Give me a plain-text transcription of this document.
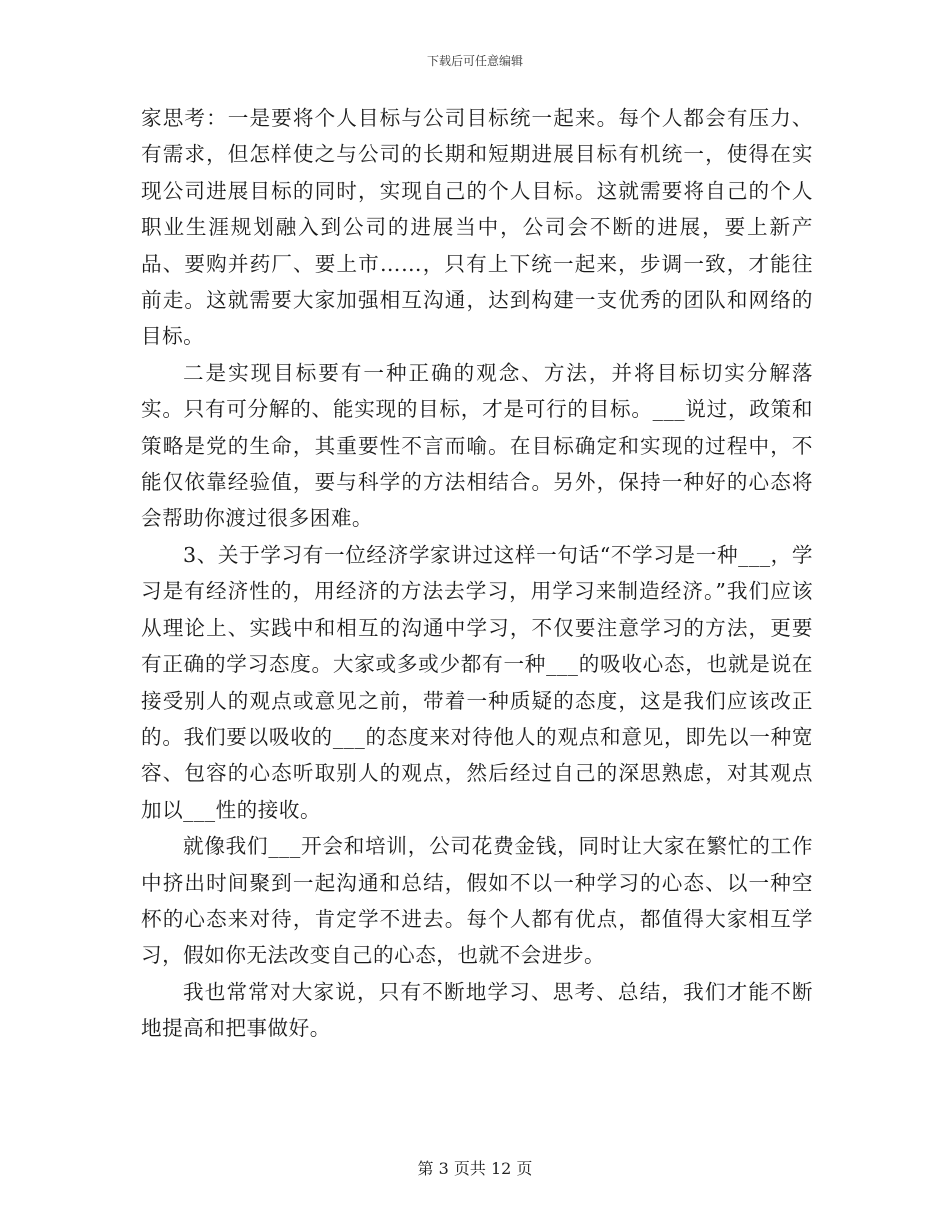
下载后可任意编辑

家思考：一是要将个人目标与公司目标统一起来。每个人都会有压力、有需求，但怎样使之与公司的长期和短期进展目标有机统一，使得在实现公司进展目标的同时，实现自己的个人目标。这就需要将自己的个人职业生涯规划融入到公司的进展当中，公司会不断的进展，要上新产品、要购并药厂、要上市……，只有上下统一起来，步调一致，才能往前走。这就需要大家加强相互沟通，达到构建一支优秀的团队和网络的目标。

二是实现目标要有一种正确的观念、方法，并将目标切实分解落实。只有可分解的、能实现的目标，才是可行的目标。___说过，政策和策略是党的生命，其重要性不言而喻。在目标确定和实现的过程中，不能仅依靠经验值，要与科学的方法相结合。另外，保持一种好的心态将会帮助你渡过很多困难。

3、关于学习有一位经济学家讲过这样一句话“不学习是一种___，学习是有经济性的，用经济的方法去学习，用学习来制造经济。”我们应该从理论上、实践中和相互的沟通中学习，不仅要注意学习的方法，更要有正确的学习态度。大家或多或少都有一种___的吸收心态，也就是说在接受别人的观点或意见之前，带着一种质疑的态度，这是我们应该改正的。我们要以吸收的___的态度来对待他人的观点和意见，即先以一种宽容、包容的心态听取别人的观点，然后经过自己的深思熟虑，对其观点加以___性的接收。

就像我们___开会和培训，公司花费金钱，同时让大家在繁忙的工作中挤出时间聚到一起沟通和总结，假如不以一种学习的心态、以一种空杯的心态来对待，肯定学不进去。每个人都有优点，都值得大家相互学习，假如你无法改变自己的心态，也就不会进步。

我也常常对大家说，只有不断地学习、思考、总结，我们才能不断地提高和把事做好。

第 3 页共 12 页
